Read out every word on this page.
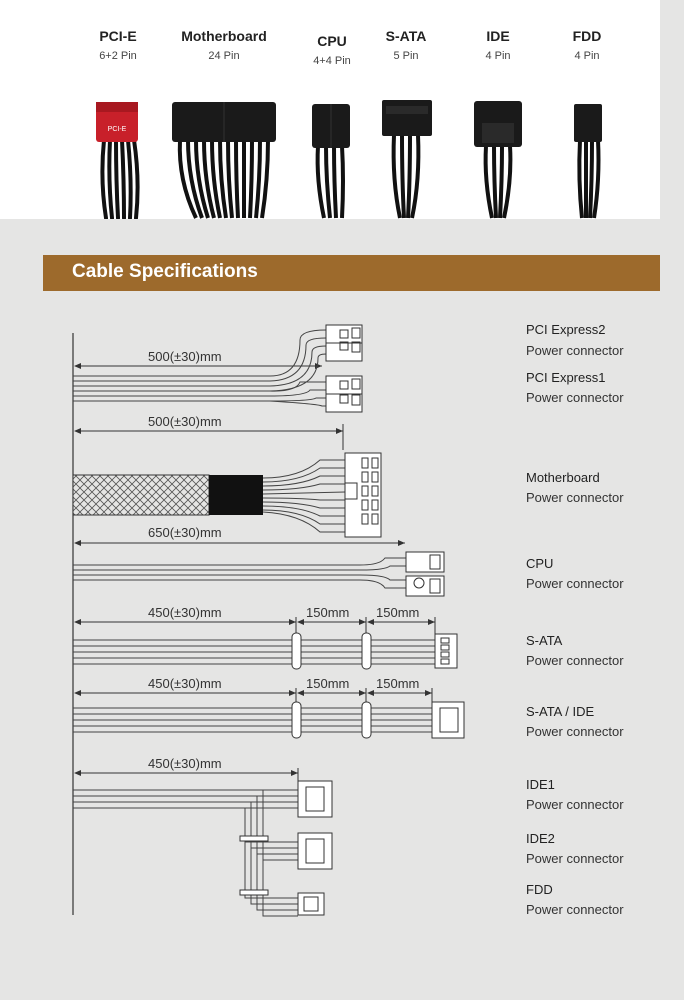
PCI-E
6+2 Pin
Motherboard
24 Pin
CPU
4+4 Pin
S-ATA
5 Pin
IDE
4 Pin
FDD
4 Pin
PCI-E
Cable Specifications
500(±30)mm
500(±30)mm
650(±30)mm
450(±30)mm	150mm 150mm
450(±30)mm	150mm 150mm
450(±30)mm
PCI Express2
Power connector
PCI Express1
Power connector
Motherboard
Power connector
CPU
Power connector
S-ATA
Power connector
S-ATA / IDE
Power connector
IDE1
Power connector
IDE2
Power connector
FDD
Power connector
